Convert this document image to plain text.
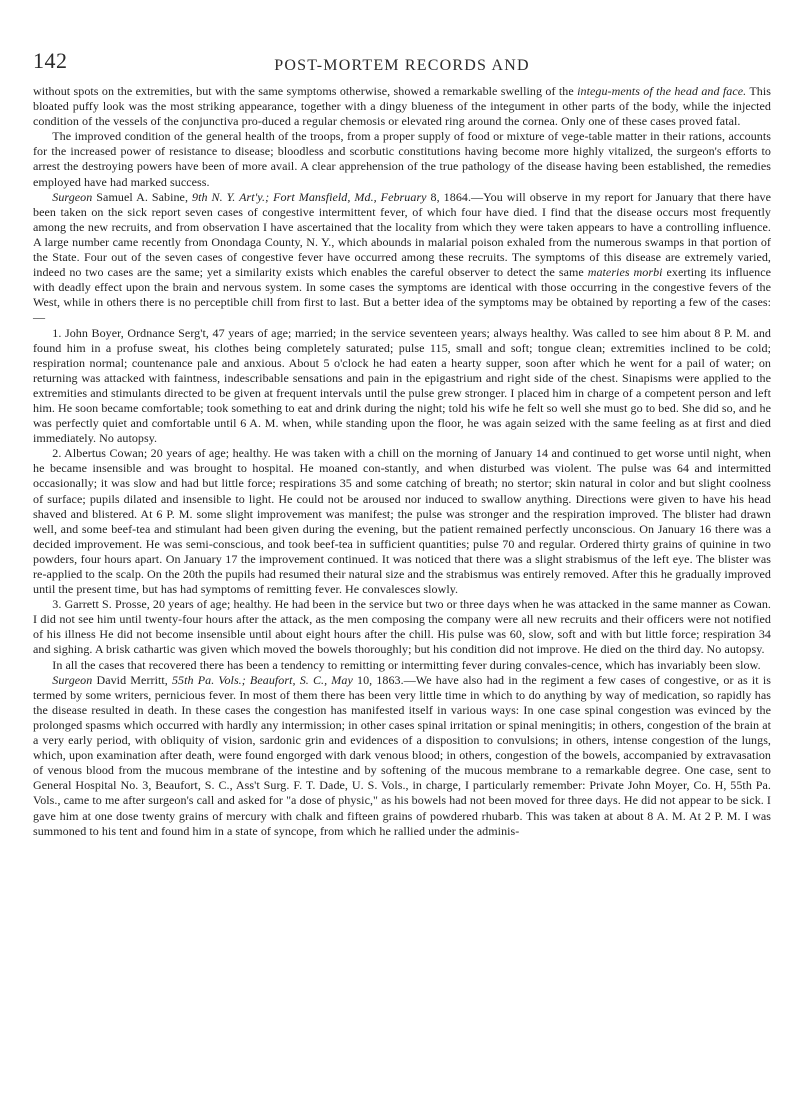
142	POST-MORTEM RECORDS AND

without spots on the extremities, but with the same symptoms otherwise, showed a remarkable swelling of the integu-ments of the head and face. This bloated puffy look was the most striking appearance, together with a dingy blueness of the integument in other parts of the body, while the injected condition of the vessels of the conjunctiva pro-duced a regular chemosis or elevated ring around the cornea. Only one of these cases proved fatal.

The improved condition of the general health of the troops, from a proper supply of food or mixture of vege-table matter in their rations, accounts for the increased power of resistance to disease; bloodless and scorbutic constitutions having become more highly vitalized, the surgeon's efforts to arrest the destroying powers have been of more avail. A clear apprehension of the true pathology of the disease having been established, the remedies employed have had marked success.

Surgeon Samuel A. Sabine, 9th N. Y. Art'y.; Fort Mansfield, Md., February 8, 1864.—You will observe in my report for January that there have been taken on the sick report seven cases of congestive intermittent fever, of which four have died. I find that the disease occurs most frequently among the new recruits, and from observation I have ascertained that the locality from which they were taken appears to have a controlling influence. A large number came recently from Onondaga County, N. Y., which abounds in malarial poison exhaled from the numerous swamps in that portion of the State. Four out of the seven cases of congestive fever have occurred among these recruits. The symptoms of this disease are extremely varied, indeed no two cases are the same; yet a similarity exists which enables the careful observer to detect the same materies morbi exerting its influence with deadly effect upon the brain and nervous system. In some cases the symptoms are identical with those occurring in the congestive fevers of the West, while in others there is no perceptible chill from first to last. But a better idea of the symptoms may be obtained by reporting a few of the cases:—

1. John Boyer, Ordnance Serg't, 47 years of age; married; in the service seventeen years; always healthy. Was called to see him about 8 P. M. and found him in a profuse sweat, his clothes being completely saturated; pulse 115, small and soft; tongue clean; extremities inclined to be cold; respiration normal; countenance pale and anxious. About 5 o'clock he had eaten a hearty supper, soon after which he went for a pail of water; on returning was attacked with faintness, indescribable sensations and pain in the epigastrium and right side of the chest. Sinapisms were applied to the extremities and stimulants directed to be given at frequent intervals until the pulse grew stronger. I placed him in charge of a competent person and left him. He soon became comfortable; took something to eat and drink during the night; told his wife he felt so well she must go to bed. She did so, and he was perfectly quiet and comfortable until 6 A. M. when, while standing upon the floor, he was again seized with the same feeling as at first and died immediately. No autopsy.

2. Albertus Cowan; 20 years of age; healthy. He was taken with a chill on the morning of January 14 and continued to get worse until night, when he became insensible and was brought to hospital. He moaned con-stantly, and when disturbed was violent. The pulse was 64 and intermitted occasionally; it was slow and had but little force; respirations 35 and some catching of breath; no stertor; skin natural in color and but slight coolness of surface; pupils dilated and insensible to light. He could not be aroused nor induced to swallow anything. Directions were given to have his head shaved and blistered. At 6 P. M. some slight improvement was manifest; the pulse was stronger and the respiration improved. The blister had drawn well, and some beef-tea and stimulant had been given during the evening, but the patient remained perfectly unconscious. On January 16 there was a decided improvement. He was semi-conscious, and took beef-tea in sufficient quantities; pulse 70 and regular. Ordered thirty grains of quinine in two powders, four hours apart. On January 17 the improvement continued. It was noticed that there was a slight strabismus of the left eye. The blister was re-applied to the scalp. On the 20th the pupils had resumed their natural size and the strabismus was entirely removed. After this he gradually improved until the present time, but has had symptoms of remitting fever. He convalesces slowly.

3. Garrett S. Prosse, 20 years of age; healthy. He had been in the service but two or three days when he was attacked in the same manner as Cowan. I did not see him until twenty-four hours after the attack, as the men composing the company were all new recruits and their officers were not notified of his illness He did not become insensible until about eight hours after the chill. His pulse was 60, slow, soft and with but little force; respiration 34 and sighing. A brisk cathartic was given which moved the bowels thoroughly; but his condition did not improve. He died on the third day. No autopsy.

In all the cases that recovered there has been a tendency to remitting or intermitting fever during convales-cence, which has invariably been slow.

Surgeon David Merritt, 55th Pa. Vols.; Beaufort, S. C., May 10, 1863.—We have also had in the regiment a few cases of congestive, or as it is termed by some writers, pernicious fever. In most of them there has been very little time in which to do anything by way of medication, so rapidly has the disease resulted in death. In these cases the congestion has manifested itself in various ways: In one case spinal congestion was evinced by the prolonged spasms which occurred with hardly any intermission; in other cases spinal irritation or spinal meningitis; in others, congestion of the brain at a very early period, with obliquity of vision, sardonic grin and evidences of a disposition to convulsions; in others, intense congestion of the lungs, which, upon examination after death, were found engorged with dark venous blood; in others, congestion of the bowels, accompanied by extravasation of venous blood from the mucous membrane of the intestine and by softening of the mucous membrane to a remarkable degree. One case, sent to General Hospital No. 3, Beaufort, S. C., Ass't Surg. F. T. Dade, U. S. Vols., in charge, I particularly remember: Private John Moyer, Co. H, 55th Pa. Vols., came to me after surgeon's call and asked for "a dose of physic," as his bowels had not been moved for three days. He did not appear to be sick. I gave him at one dose twenty grains of mercury with chalk and fifteen grains of powdered rhubarb. This was taken at about 8 A. M. At 2 P. M. I was summoned to his tent and found him in a state of syncope, from which he rallied under the adminis-
